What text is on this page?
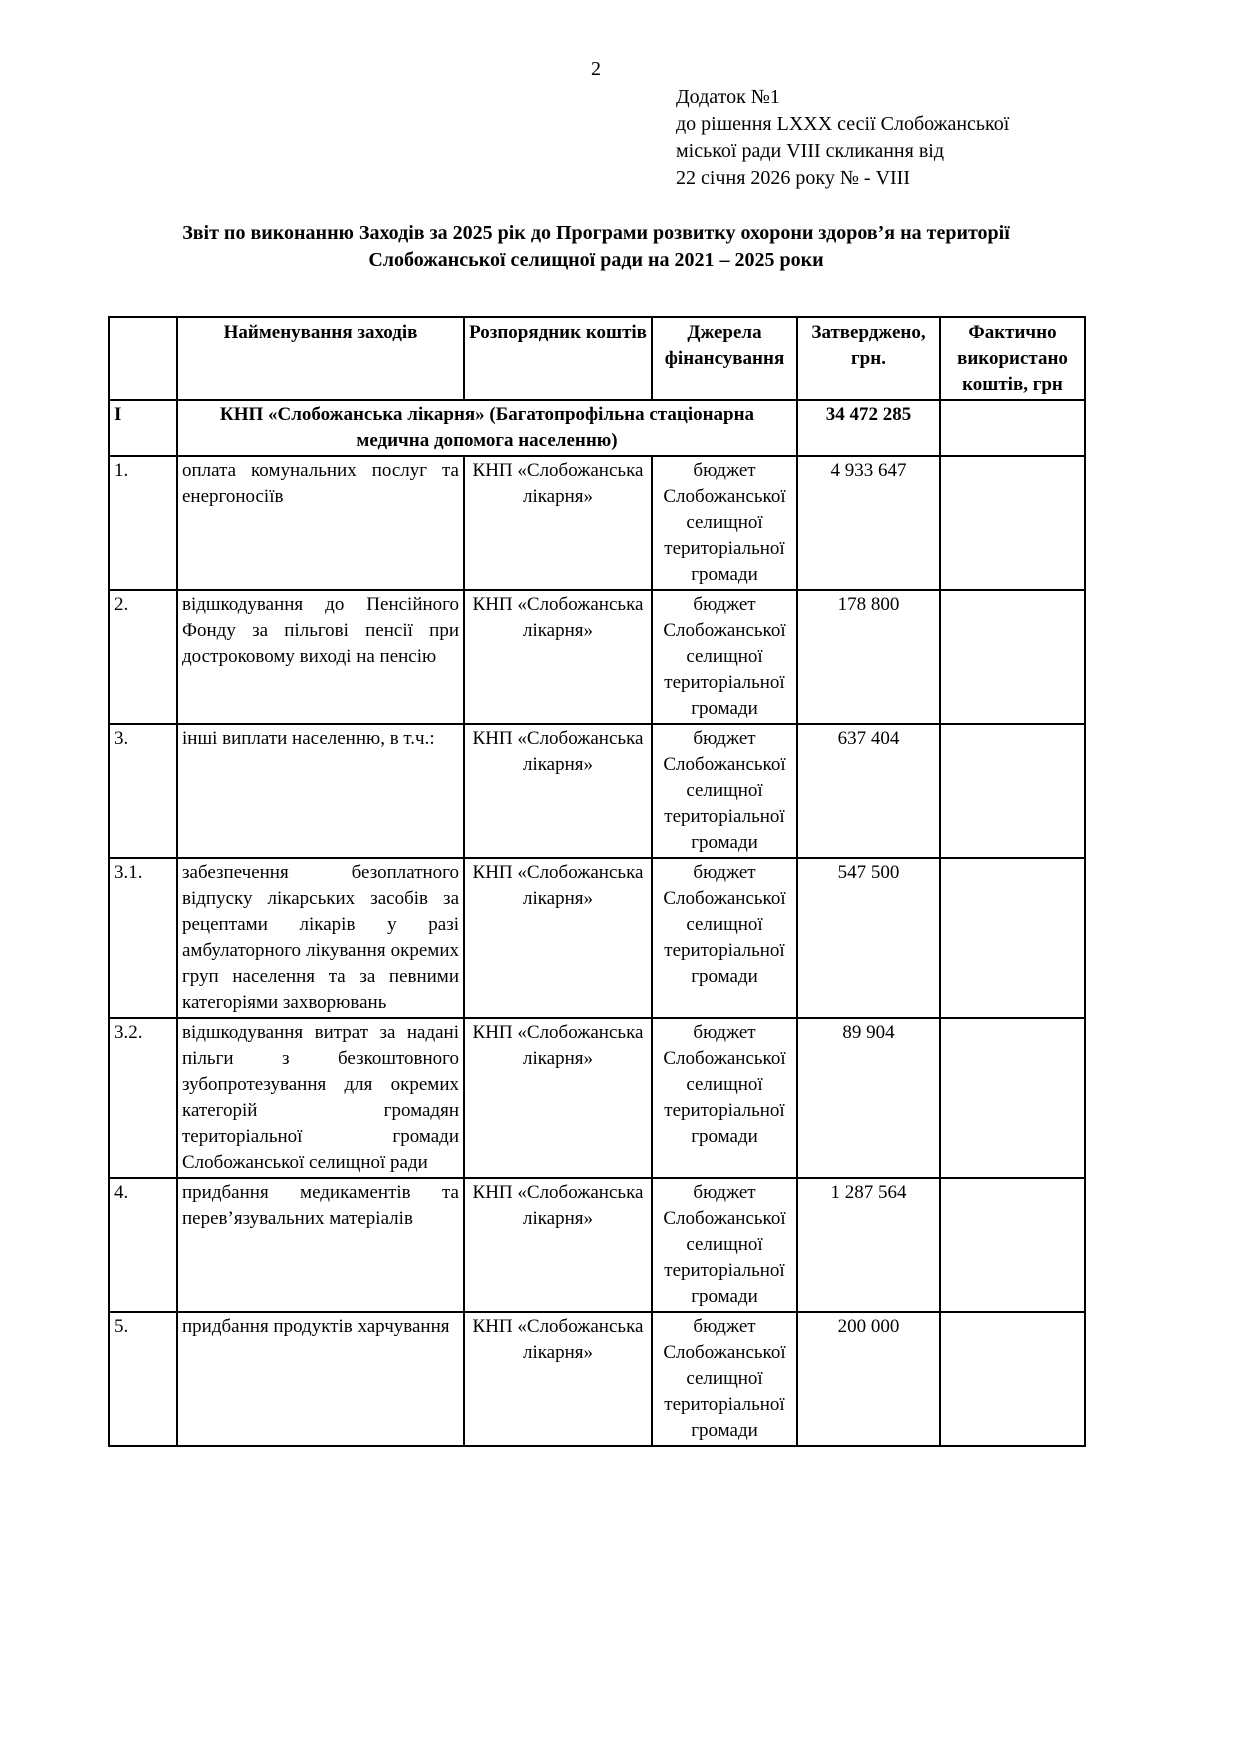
2
Додаток №1
до рішення LXXX сесії Слобожанської
міської ради VIII скликання від
22 січня 2026 року № - VIII
Звіт по виконанню Заходів за 2025 рік до Програми розвитку охорони здоров’я на території
Слобожанської селищної ради на 2021 – 2025 роки
	Найменування заходів	Розпорядник коштів	Джерела фінансування	Затверджено, грн.	Фактично використано коштів, грн
I	КНП «Слобожанська лікарня» (Багатопрофільна стаціонарна медична допомога населенню)			34 472 285	
1.	оплата комунальних послуг та енергоносіїв	КНП «Слобожанська лікарня»	бюджет Слобожанської селищної територіальної громади	4 933 647	
2.	відшкодування до Пенсійного Фонду за пільгові пенсії при достроковому виході на пенсію	КНП «Слобожанська лікарня»	бюджет Слобожанської селищної територіальної громади	178 800	
3.	інші виплати населенню, в т.ч.:	КНП «Слобожанська лікарня»	бюджет Слобожанської селищної територіальної громади	637 404	
3.1.	забезпечення безоплатного відпуску лікарських засобів за рецептами лікарів у разі амбулаторного лікування окремих груп населення та за певними категоріями захворювань	КНП «Слобожанська лікарня»	бюджет Слобожанської селищної територіальної громади	547 500	
3.2.	відшкодування витрат за надані пільги з безкоштовного зубопротезування для окремих категорій громадян територіальної громади Слобожанської селищної ради	КНП «Слобожанська лікарня»	бюджет Слобожанської селищної територіальної громади	89 904	
4.	придбання медикаментів та перев’язувальних матеріалів	КНП «Слобожанська лікарня»	бюджет Слобожанської селищної територіальної громади	1 287 564	
5.	придбання продуктів харчування	КНП «Слобожанська лікарня»	бюджет Слобожанської селищної територіальної громади	200 000	
